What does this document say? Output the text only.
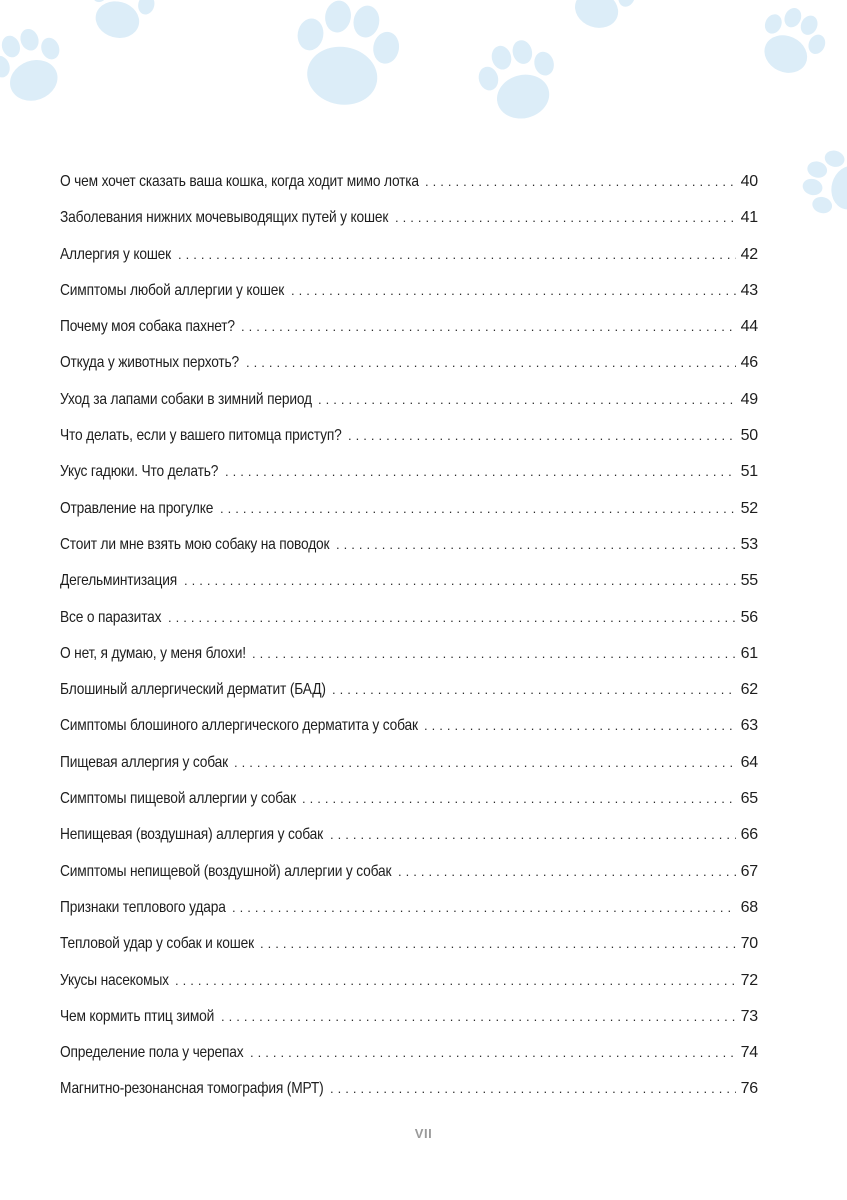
О чем хочет сказать ваша кошка, когда ходит мимо лотка . . .	40
Заболевания нижних мочевыводящих путей у кошек . . .	41
Аллергия у кошек . . .	42
Симптомы любой аллергии у кошек . . .	43
Почему моя собака пахнет? . . .	44
Откуда у животных перхоть? . . .	46
Уход за лапами собаки в зимний период . . .	49
Что делать, если у вашего питомца приступ? . . .	50
Укус гадюки. Что делать? . . .	51
Отравление на прогулке . . .	52
Стоит ли мне взять мою собаку на поводок . . .	53
Дегельминтизация . . .	55
Все о паразитах . . .	56
О нет, я думаю, у меня блохи! . . .	61
Блошиный аллергический дерматит (БАД) . . .	62
Симптомы блошиного аллергического дерматита у собак . . .	63
Пищевая аллергия у собак . . .	64
Симптомы пищевой аллергии у собак . . .	65
Непищевая (воздушная) аллергия у собак . . .	66
Симптомы непищевой (воздушной) аллергии у собак . . .	67
Признаки теплового удара . . .	68
Тепловой удар у собак и кошек . . .	70
Укусы насекомых . . .	72
Чем кормить птиц зимой . . .	73
Определение пола у черепах . . .	74
Магнитно-резонансная томография (МРТ) . . .	76
VII
